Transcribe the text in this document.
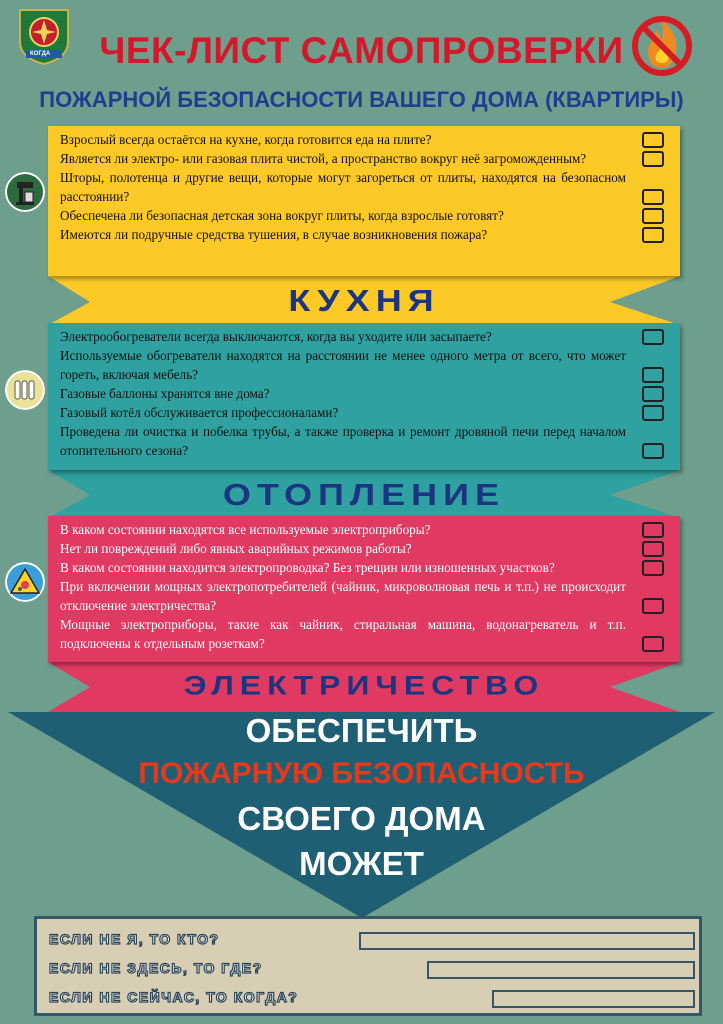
КОГДА	ЧЕК-ЛИСТ САМОПРОВЕРКИ
ПОЖАРНОЙ БЕЗОПАСНОСТИ ВАШЕГО ДОМА (КВАРТИРЫ)
Взрослый всегда остаётся на кухне, когда готовится еда на плите?
Является ли электро- или газовая плита чистой, а пространство вокруг неё загроможденным?
Шторы, полотенца и другие вещи, которые могут загореться от плиты, находятся на безопасном расстоянии?
Обеспечена ли безопасная детская зона вокруг плиты, когда взрослые готовят?
Имеются ли подручные средства тушения, в случае возникновения пожара?
КУХНЯ
Электрообогреватели всегда выключаются, когда вы уходите или засыпаете?
Используемые обогреватели находятся на расстоянии не менее одного метра от всего, что может гореть, включая мебель?
Газовые баллоны хранятся вне дома?
Газовый котёл обслуживается профессионалами?
Проведена ли очистка и побелка трубы, а также проверка и ремонт дровяной печи перед началом отопительного сезона?
ОТОПЛЕНИЕ
В каком состоянии находятся все используемые электроприборы?
Нет ли повреждений либо явных аварийных режимов работы?
В каком состоянии находится электропроводка? Без трещин или изношенных участков?
При включении мощных электропотребителей (чайник, микроволновая печь и т.п.) не происходит отключение электричества?
Мощные электроприборы, такие как чайник, стиральная машина, водонагреватель и т.п. подключены к отдельным розеткам?
ЭЛЕКТРИЧЕСТВО
ОБЕСПЕЧИТЬ
ПОЖАРНУЮ БЕЗОПАСНОСТЬ
СВОЕГО ДОМА
МОЖЕТ
ЕСЛИ НЕ Я, ТО КТО?
ЕСЛИ НЕ ЗДЕСЬ, ТО ГДЕ?
ЕСЛИ НЕ СЕЙЧАС, ТО КОГДА?
